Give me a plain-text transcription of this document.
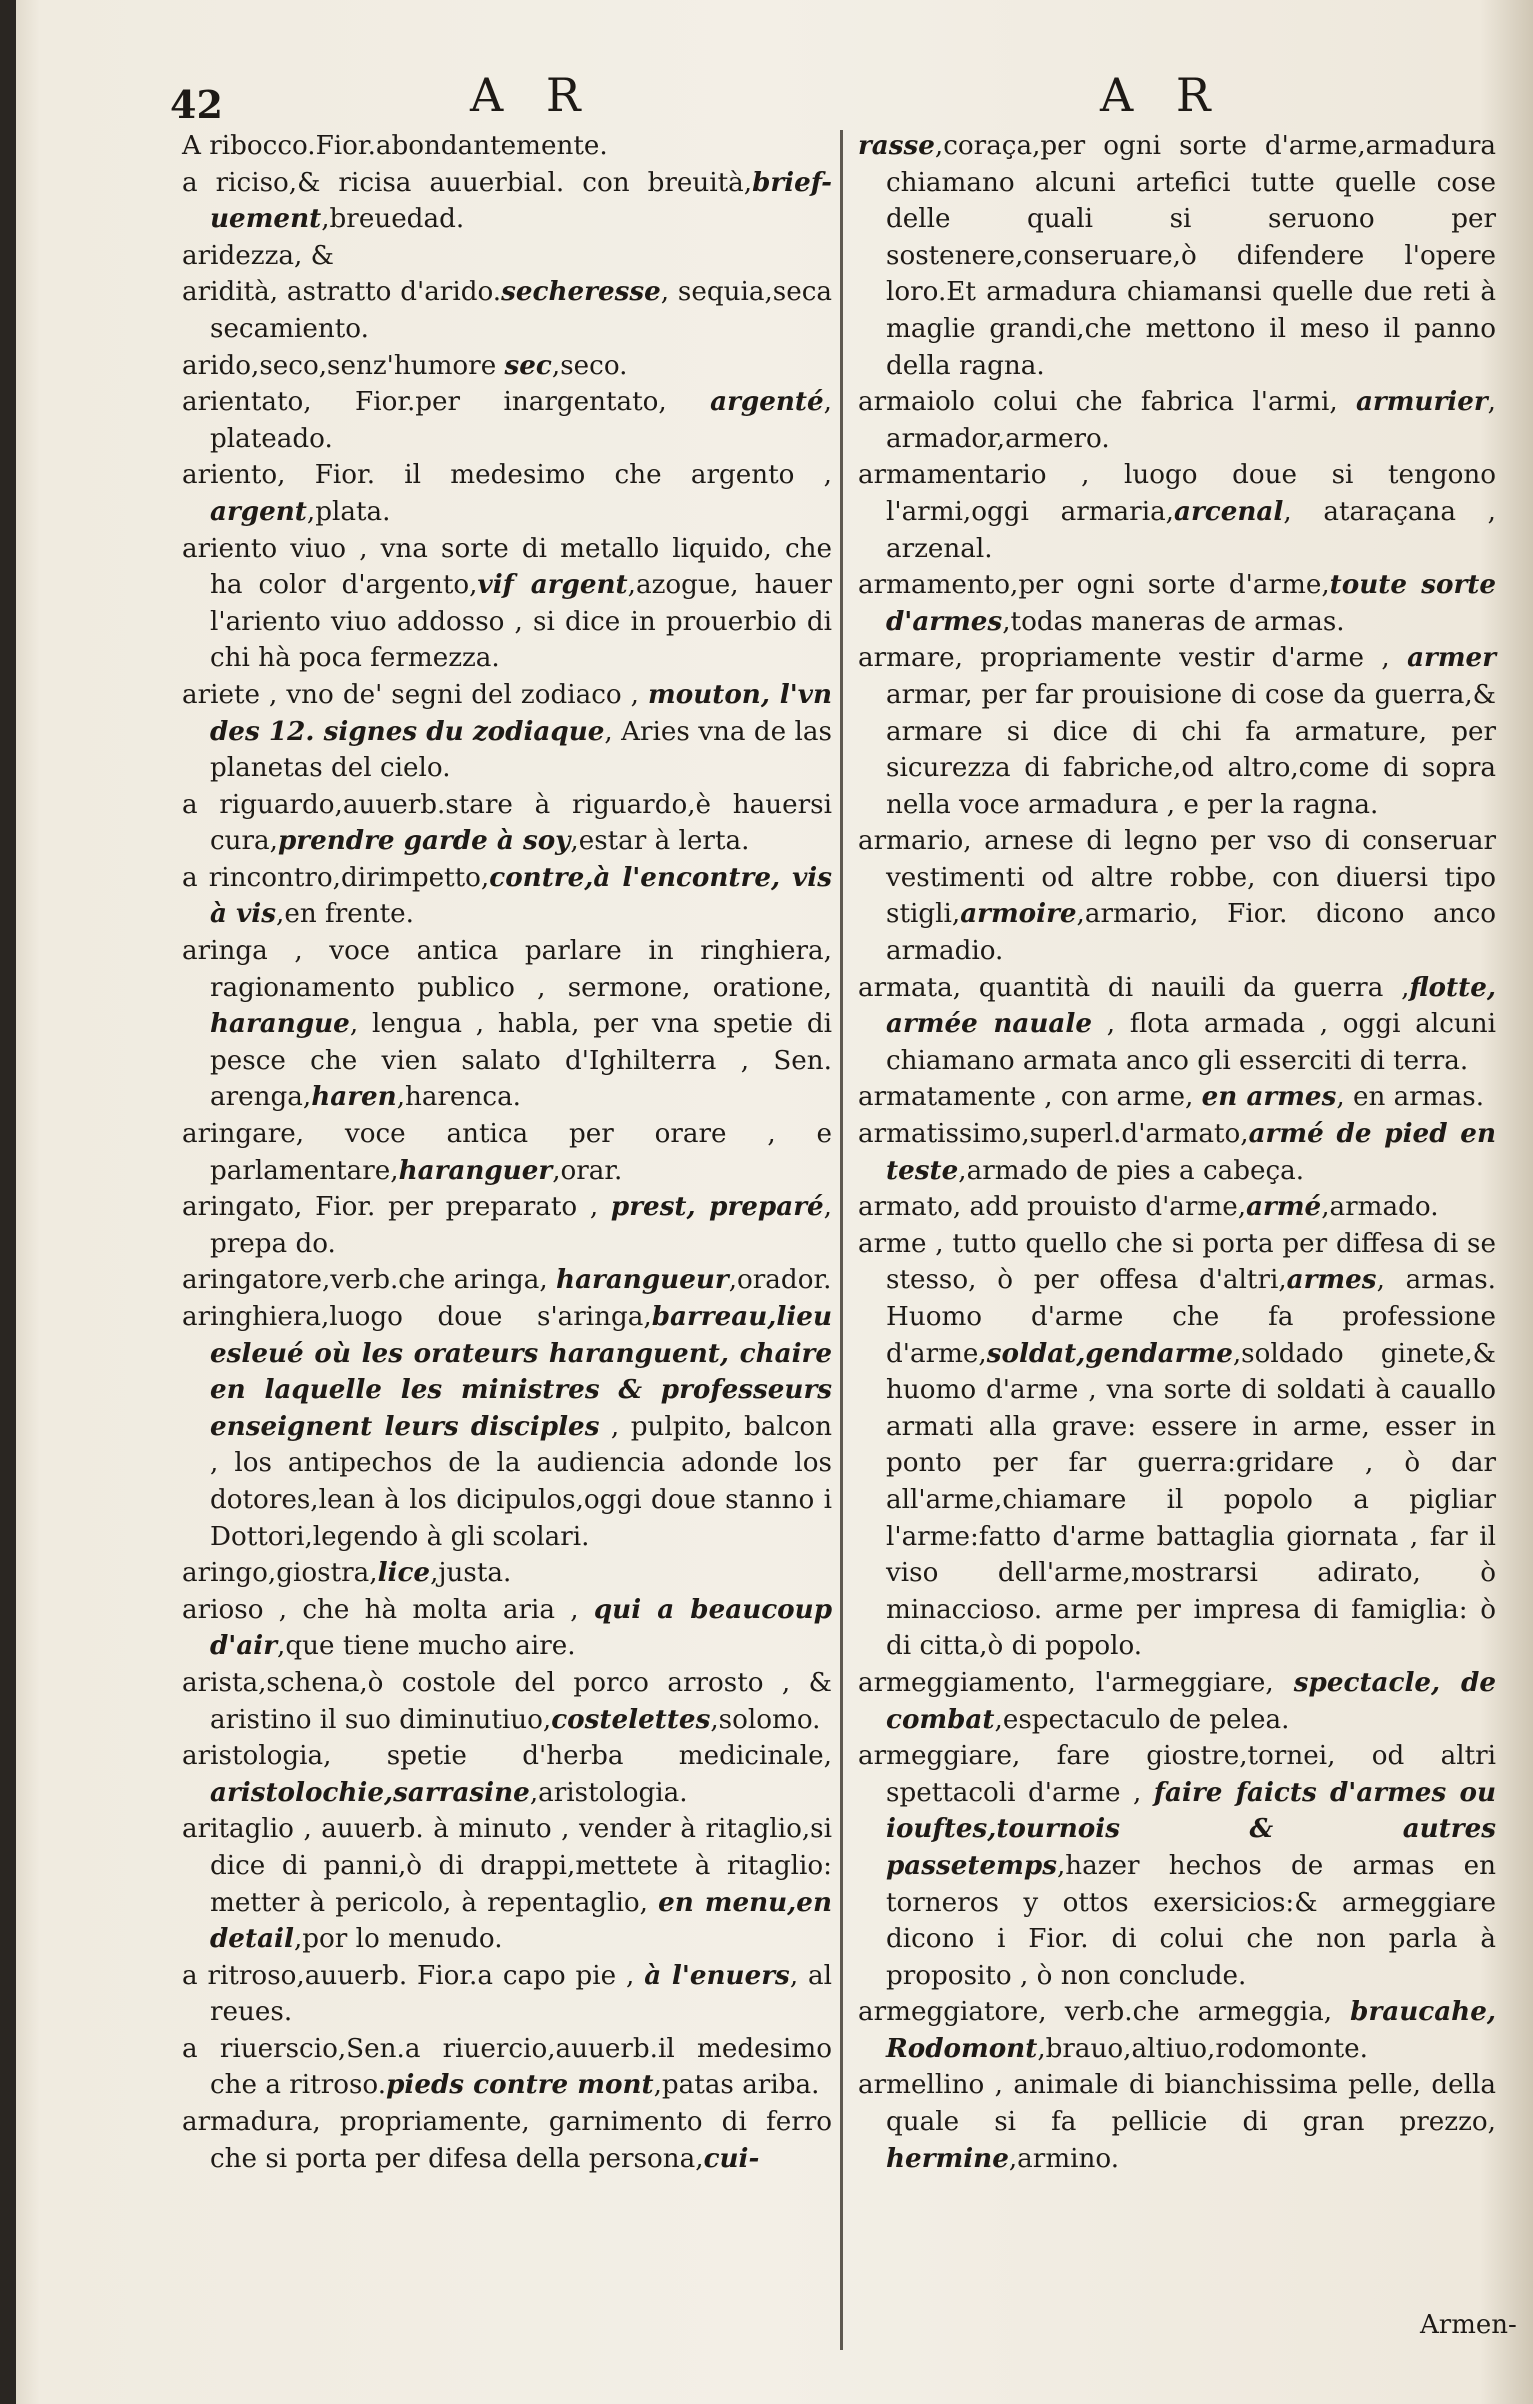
42	A R	A R

A ribocco.Fior.abondantemente.

a riciso,& ricisa auuerbial. con breuità,brief- uement,breuedad.

aridezza, &

aridità, astratto d'arido.secheresse, sequia,seca secamiento.

arido,seco,senz'humore sec,seco.

arientato, Fior.per inargentato, argenté, plateado.

ariento, Fior. il medesimo che argento , argent,plata.

ariento viuo , vna sorte di metallo liquido, che ha color d'argento,vif argent,azogue, hauer l'ariento viuo addosso , si dice in prouerbio di chi hà poca fermezza.

ariete , vno de' segni del zodiaco , mouton, l'vn des 12. signes du zodiaque, Aries vna de las planetas del cielo.

a riguardo,auuerb.stare à riguardo,è hauersi cura,prendre garde à soy,estar à lerta.

a rincontro,dirimpetto,contre,à l'encontre, vis à vis,en frente.

aringa , voce antica parlare in ringhiera, ragionamento publico , sermone, oratione, harangue, lengua , habla, per vna spetie di pesce che vien salato d'Ighilterra , Sen. arenga,haren,harenca.

aringare, voce antica per orare , e parlamentare,haranguer,orar.

aringato, Fior. per preparato , prest, preparé, prepa do.

aringatore,verb.che aringa, harangueur,orador.

aringhiera,luogo doue s'aringa,barreau,lieu esleué où les orateurs haranguent, chaire en laquelle les ministres & professeurs enseignent leurs disciples , pulpito, balcon , los antipechos de la audiencia adonde los dotores,lean à los dicipulos,oggi doue stanno i Dottori,legendo à gli scolari.

aringo,giostra,lice,justa.

arioso , che hà molta aria , qui a beaucoup d'air,que tiene mucho aire.

arista,schena,ò costole del porco arrosto , & aristino il suo diminutiuo,costelettes,solomo.

aristologia, spetie d'herba medicinale, aristolochie,sarrasine,aristologia.

aritaglio , auuerb. à minuto , vender à ritaglio,si dice di panni,ò di drappi,mettete à ritaglio: metter à pericolo, à repentaglio, en menu,en detail,por lo menudo.

a ritroso,auuerb. Fior.a capo pie , à l'enuers, al reues.

a riuerscio,Sen.a riuercio,auuerb.il medesimo che a ritroso.pieds contre mont,patas ariba.

armadura, propriamente, garnimento di ferro che si porta per difesa della persona,cui-

rasse,coraça,per ogni sorte d'arme,armadura chiamano alcuni artefici tutte quelle cose delle quali si seruono per sostenere,conseruare,ò difendere l'opere loro.Et armadura chiamansi quelle due reti à maglie grandi,che mettono il meso il panno della ragna.

armaiolo colui che fabrica l'armi, armurier, armador,armero.

armamentario , luogo doue si tengono l'armi,oggi armaria,arcenal, ataraçana , arzenal.

armamento,per ogni sorte d'arme,toute sorte d'armes,todas maneras de armas.

armare, propriamente vestir d'arme , armer armar, per far prouisione di cose da guerra,& armare si dice di chi fa armature, per sicurezza di fabriche,od altro,come di sopra nella voce armadura , e per la ragna.

armario, arnese di legno per vso di conseruar vestimenti od altre robbe, con diuersi tipo stigli,armoire,armario, Fior. dicono anco armadio.

armata, quantità di nauili da guerra ,flotte, armée nauale , flota armada , oggi alcuni chiamano armata anco gli esserciti di terra.

armatamente , con arme, en armes, en armas.

armatissimo,superl.d'armato,armé de pied en teste,armado de pies a cabeça.

armato, add prouisto d'arme,armé,armado.

arme , tutto quello che si porta per diffesa di se stesso, ò per offesa d'altri,armes, armas. Huomo d'arme che fa professione d'arme,soldat,gendarme,soldado ginete,& huomo d'arme , vna sorte di soldati à cauallo armati alla grave: essere in arme, esser in ponto per far guerra:gridare , ò dar all'arme,chiamare il popolo a pigliar l'arme:fatto d'arme battaglia giornata , far il viso dell'arme,mostrarsi adirato, ò minaccioso. arme per impresa di famiglia: ò di citta,ò di popolo.

armeggiamento, l'armeggiare, spectacle, de combat,espectaculo de pelea.

armeggiare, fare giostre,tornei, od altri spettacoli d'arme , faire faicts d'armes ou iouftes,tournois & autres passetemps,hazer hechos de armas en torneros y ottos exersicios:& armeggiare dicono i Fior. di colui che non parla à proposito , ò non conclude.

armeggiatore, verb.che armeggia, braucahe, Rodomont,brauo,altiuo,rodomonte.

armellino , animale di bianchissima pelle, della quale si fa pellicie di gran prezzo, hermine,armino.

Armen-
